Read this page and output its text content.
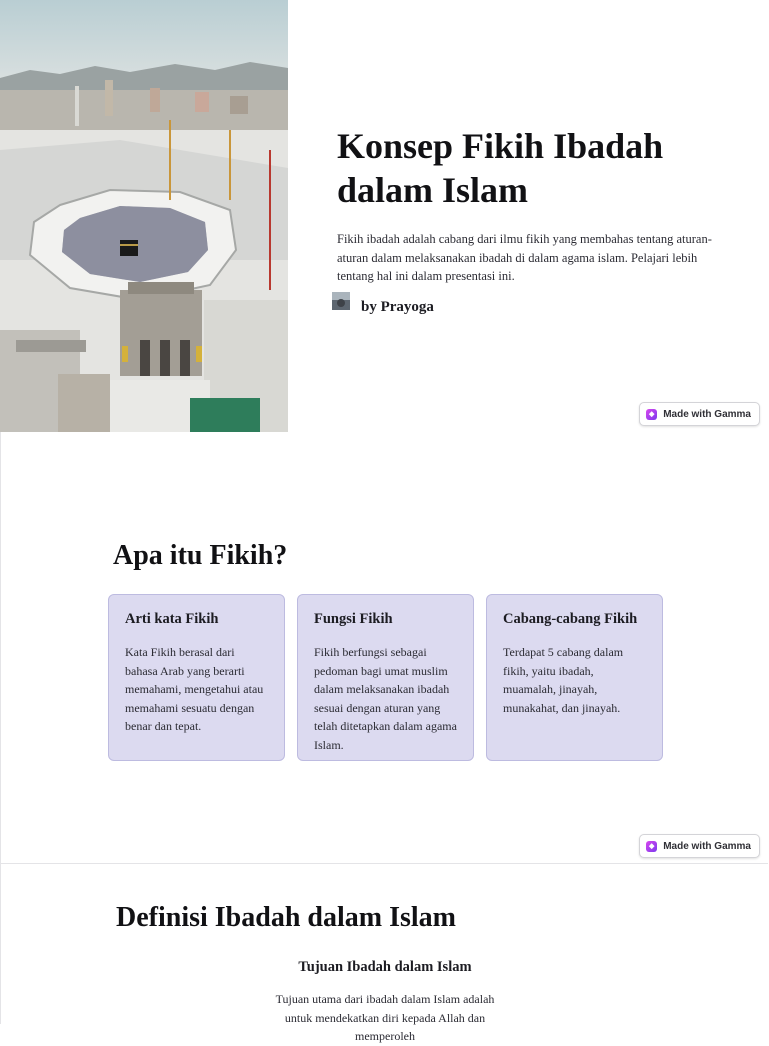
Konsep Fikih Ibadah dalam Islam

Fikih ibadah adalah cabang dari ilmu fikih yang membahas tentang aturan-aturan dalam melaksanakan ibadah di dalam agama islam. Pelajari lebih tentang hal ini dalam presentasi ini.

by Prayoga
◆ Made with Gamma
Apa itu Fikih?
Arti kata Fikih

Kata Fikih berasal dari bahasa Arab yang berarti memahami, mengetahui atau memahami sesuatu dengan benar dan tepat.

Fungsi Fikih

Fikih berfungsi sebagai pedoman bagi umat muslim dalam melaksanakan ibadah sesuai dengan aturan yang telah ditetapkan dalam agama Islam.

Cabang-cabang Fikih

Terdapat 5 cabang dalam fikih, yaitu ibadah, muamalah, jinayah, munakahat, dan jinayah.

◆ Made with Gamma
Definisi Ibadah dalam Islam
Tujuan Ibadah dalam Islam

Tujuan utama dari ibadah dalam Islam adalah untuk mendekatkan diri kepada Allah dan memperoleh
